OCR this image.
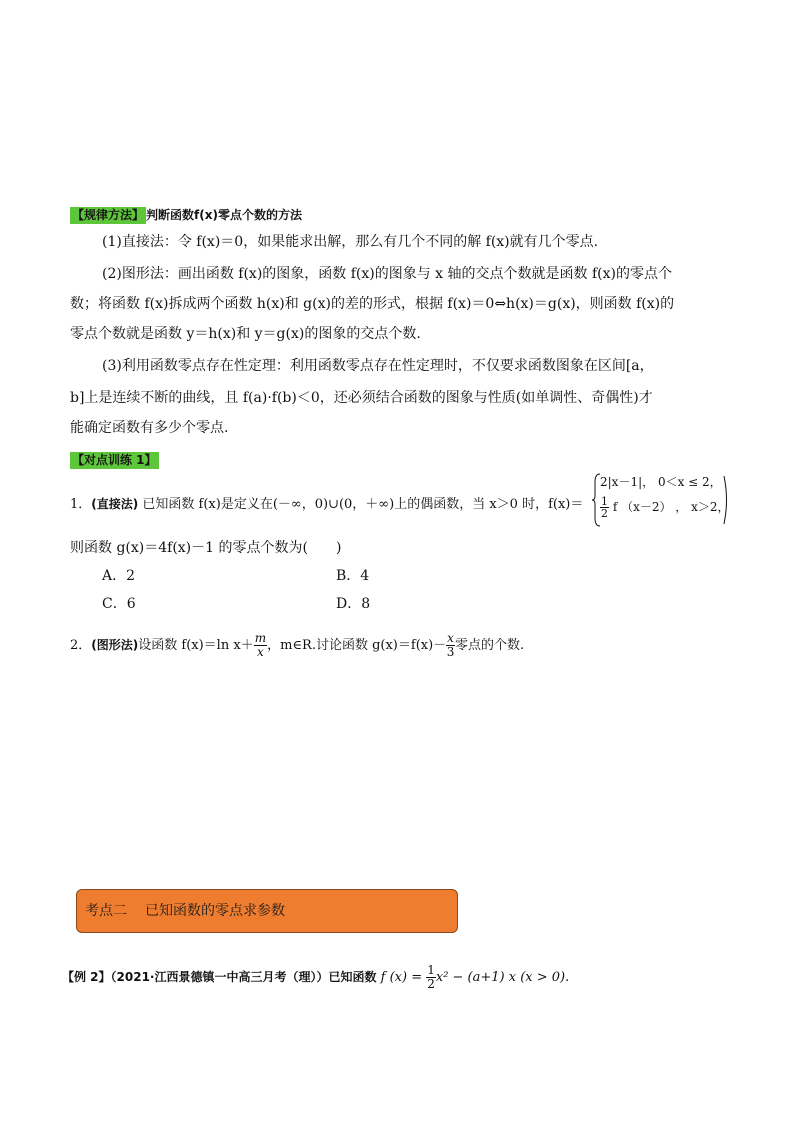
【规律方法】 判断函数f(x)零点个数的方法
(1)直接法：令 f(x)＝0，如果能求出解，那么有几个不同的解 f(x)就有几个零点.
(2)图形法：画出函数 f(x)的图象，函数 f(x)的图象与 x 轴的交点个数就是函数 f(x)的零点个
数；将函数 f(x)拆成两个函数 h(x)和 g(x)的差的形式，根据 f(x)＝0⇔h(x)＝g(x)，则函数 f(x)的
零点个数就是函数 y＝h(x)和 y＝g(x)的图象的交点个数.
(3)利用函数零点存在性定理：利用函数零点存在性定理时，不仅要求函数图象在区间[a，
b]上是连续不断的曲线，且 f(a)·f(b)＜0，还必须结合函数的图象与性质(如单调性、奇偶性)才
能确定函数有多少个零点.
【对点训练 1】
1．(直接法) 已知函数 f(x)是定义在(－∞，0)∪(0，＋∞)上的偶函数，当 x＞0 时，f(x)＝
2|x－1|， 0＜x ≤ 2，
$\frac{1}{2}$ f （x－2） ， x＞2，
则函数 g(x)＝4f(x)－1 的零点个数为(　　)
A．2	B．4
C．6	D．8
2．(图形法)设函数 f(x)＝ln $x+ \frac{m}{x}$ ，m∈R.讨论函数 $g(x)=f(x)- \frac{x}{3}$ 零点的个数.
考点二 已知函数的零点求参数
【例 2】（2021·江西景德镇一中高三月考（理））已知函数 f $(x) = \frac{1}{2} x^2 - (a+1)$ x (x > 0).
